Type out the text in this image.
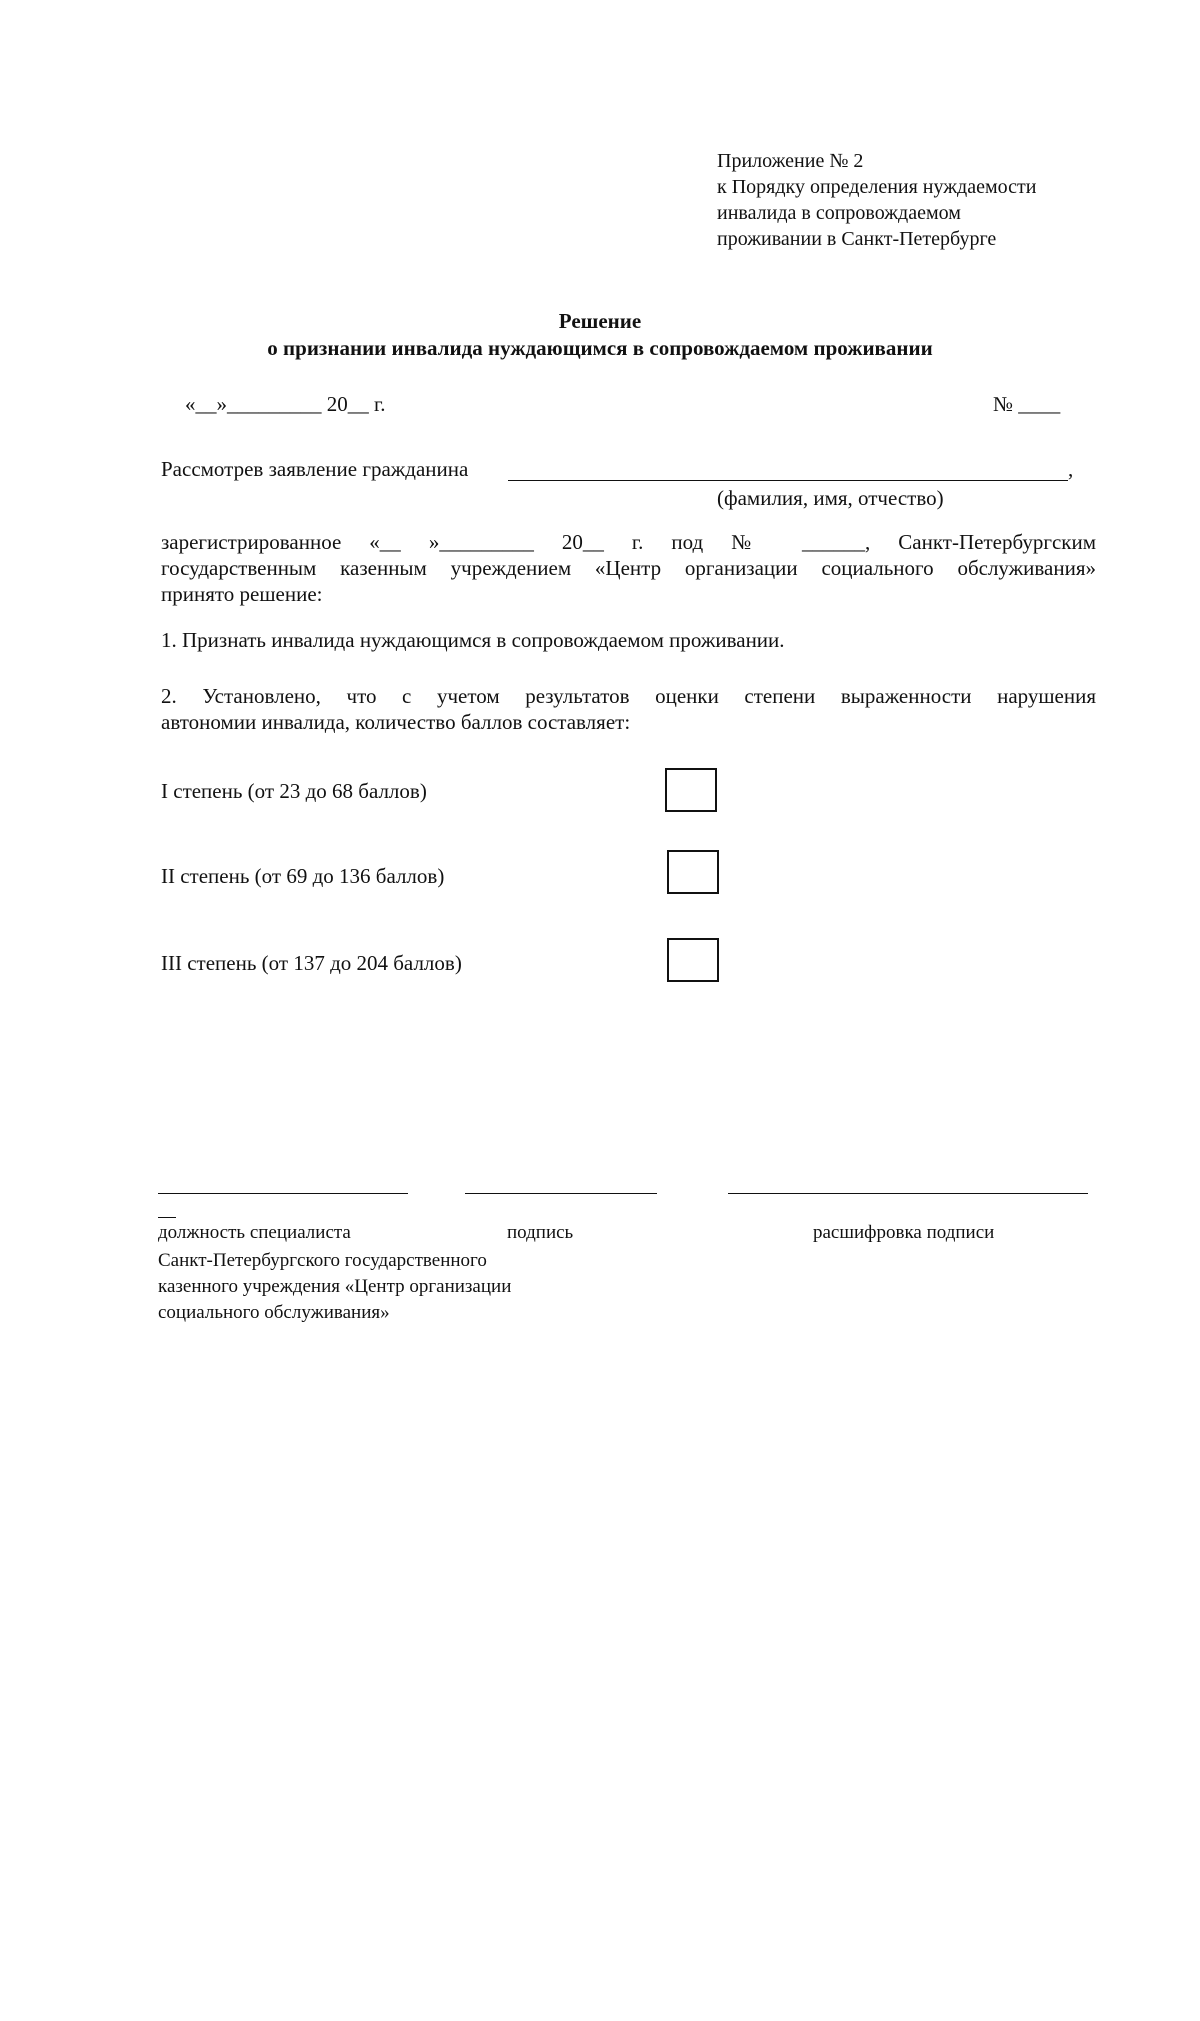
Приложение № 2
к Порядку определения нуждаемости
инвалида в сопровождаемом
проживании в Санкт-Петербурге
Решение
о признании инвалида нуждающимся в сопровождаемом проживании
«__»_________ 20__ г.	№ ____
Рассмотрев заявление гражданина	,
(фамилия, имя, отчество)
зарегистрированное «__ »_________ 20__ г. под № ______, Санкт-Петербургским
государственным казенным учреждением «Центр организации социального обслуживания»
принято решение:
1. Признать инвалида нуждающимся в сопровождаемом проживании.
2. Установлено, что с учетом результатов оценки степени выраженности нарушения
автономии инвалида, количество баллов составляет:
I степень (от 23 до 68 баллов)
II степень (от 69 до 136 баллов)
III степень (от 137 до 204 баллов)
должность специалиста	подпись	расшифровка подписи
Санкт-Петербургского государственного
казенного учреждения «Центр организации
социального обслуживания»
